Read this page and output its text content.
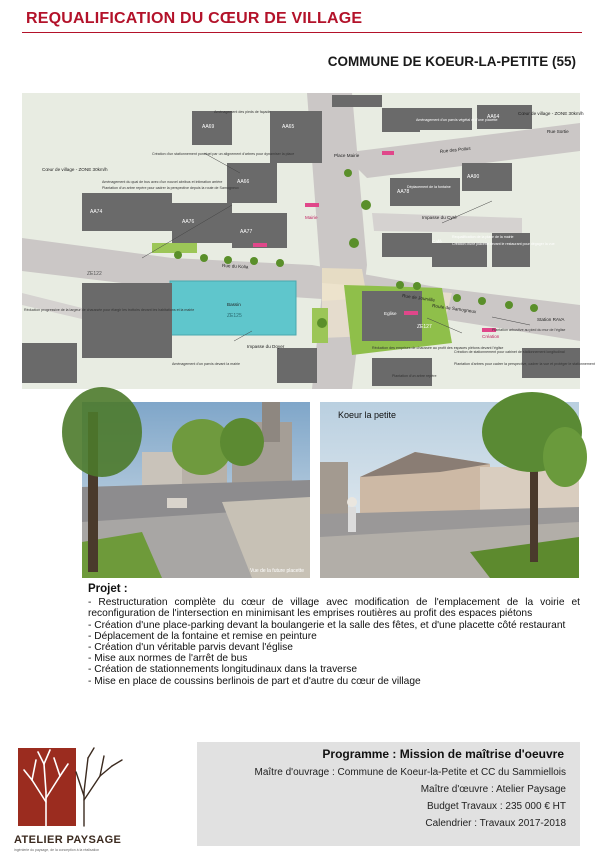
REQUALIFICATION DU CŒUR DE VILLAGE
COMMUNE DE KOEUR-LA-PETITE (55)
Cœur de village - ZONE 30km/h
Cœur de village - ZONE 30km/h
Rue des Poilus
Impasse du Cyré
Place Mairie
Rue du Kolia
Rue de Jourville
Route de Samogneux
Impasse du Doyer
Rue Sortie
Station RAVA
Bassin
Mairie
Eglise
Café
Création
AA69	AA65
AA64
AA74
AA76
AA66
AA77
AA78
AA90
ZE122
ZE125
ZE127
Aménagement des pieds de façade
Création d'un stationnement ponctuel par un alignement d'arbres pour dynamiser la place
Aménagement du quai de bus avec d'un nouvel abribus et intimation arrière
Plantation d'un arbre repère pour cadrer la perspective depuis la route de Samogneux
Réduction progressive de la largeur de chaussée pour élargir les trottoirs devant les habitations et la mairie
Aménagement d'un parvis devant la mairie
Réduction des emprises de chaussée au profit des espaces piétons devant l'église
Plantation d'un arbre repère
Plantation arbustive au pied du mur de l'église
Création de stationnement pour cabinet de stationnement longitudinal
Plantation d'arbres pour cadrer la perspective, cadrer la vue et protéger le stationnement
Aménagement d'un parvis végétal et d'une placette
Déplacement de la fontaine
Requalification de la place de la mairie
Création d'une placette devant le restaurant pour dégager la vue
Vue de la future placette
Koeur la petite
Projet :
- Restructuration complète du cœur de village avec modification de l'emplacement de la voirie et reconfiguration de l'intersection en minimisant les emprises routières au profit des espaces piétons
- Création d'une place-parking devant la boulangerie et la salle des fêtes, et d'une placette côté restaurant
- Déplacement de la fontaine et remise en peinture
- Création d'un véritable parvis devant l'église
- Mise aux normes de l'arrêt de bus
- Création de stationnements longitudinaux dans la traverse
- Mise en place de coussins berlinois de part et d'autre du cœur de village
ATELIER PAYSAGE
ingénierie du paysage, de la conception à la réalisation
Programme : Mission de maîtrise d'oeuvre
Maître d'ouvrage : Commune de Koeur-la-Petite et CC du Sammiellois
Maître d'œuvre : Atelier Paysage
Budget Travaux : 235 000 € HT
Calendrier : Travaux 2017-2018
